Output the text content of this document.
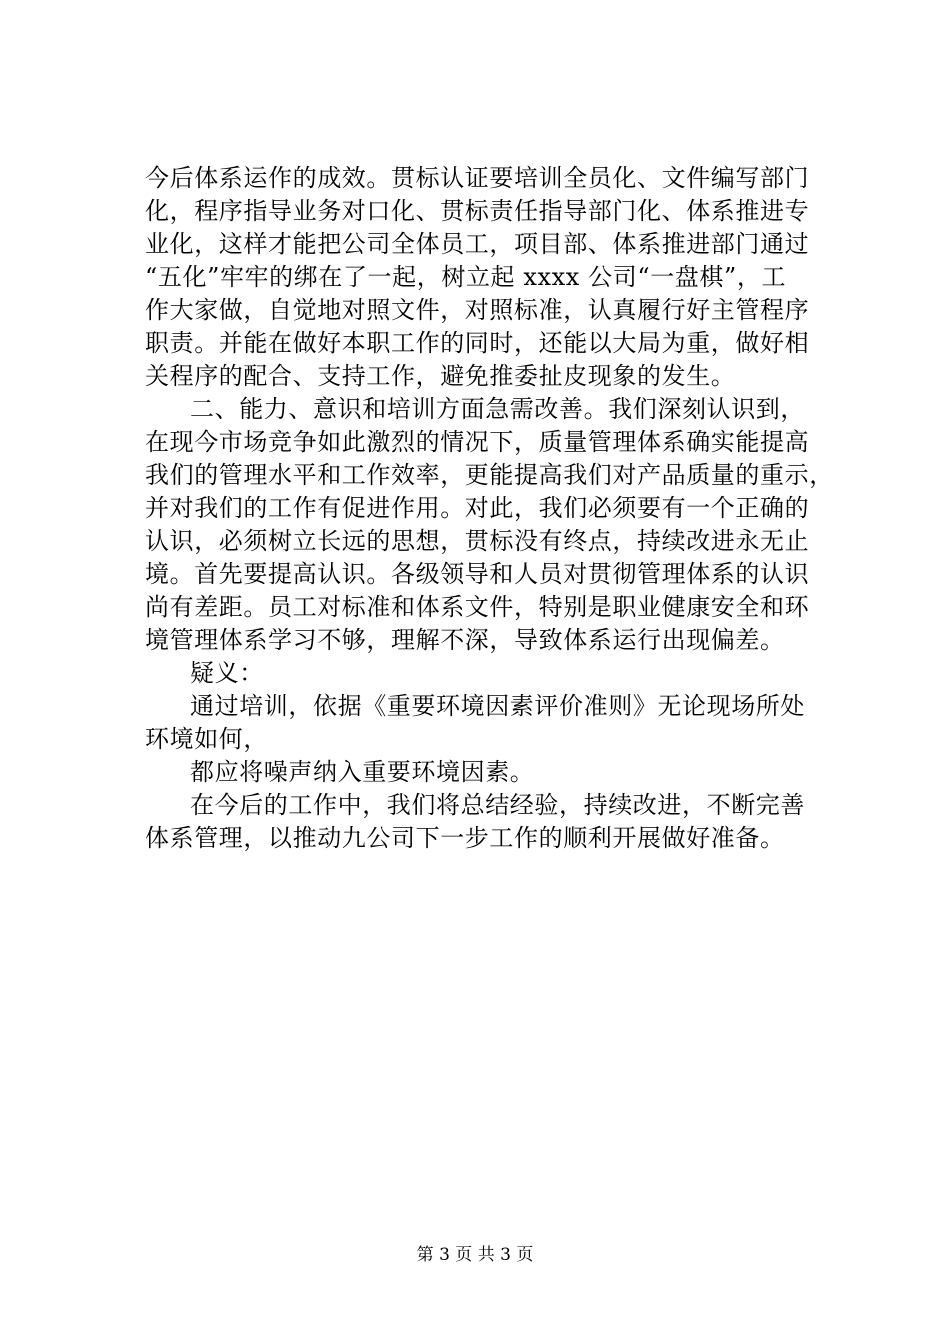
今后体系运作的成效。贯标认证要培训全员化、文件编写部门
化，程序指导业务对口化、贯标责任指导部门化、体系推进专
业化，这样才能把公司全体员工，项目部、体系推进部门通过
“五化”牢牢的绑在了一起，树立起 xxxx 公司“一盘棋”，工
作大家做，自觉地对照文件，对照标准，认真履行好主管程序
职责。并能在做好本职工作的同时，还能以大局为重，做好相
关程序的配合、支持工作，避免推委扯皮现象的发生。
二、能力、意识和培训方面急需改善。我们深刻认识到，
在现今市场竞争如此激烈的情况下，质量管理体系确实能提高
我们的管理水平和工作效率，更能提高我们对产品质量的重示，
并对我们的工作有促进作用。对此，我们必须要有一个正确的
认识，必须树立长远的思想，贯标没有终点，持续改进永无止
境。首先要提高认识。各级领导和人员对贯彻管理体系的认识
尚有差距。员工对标准和体系文件，特别是职业健康安全和环
境管理体系学习不够，理解不深，导致体系运行出现偏差。
疑义：
通过培训，依据《重要环境因素评价准则》无论现场所处
环境如何，
都应将噪声纳入重要环境因素。
在今后的工作中，我们将总结经验，持续改进，不断完善
体系管理，以推动九公司下一步工作的顺利开展做好准备。
第 3 页 共 3 页
